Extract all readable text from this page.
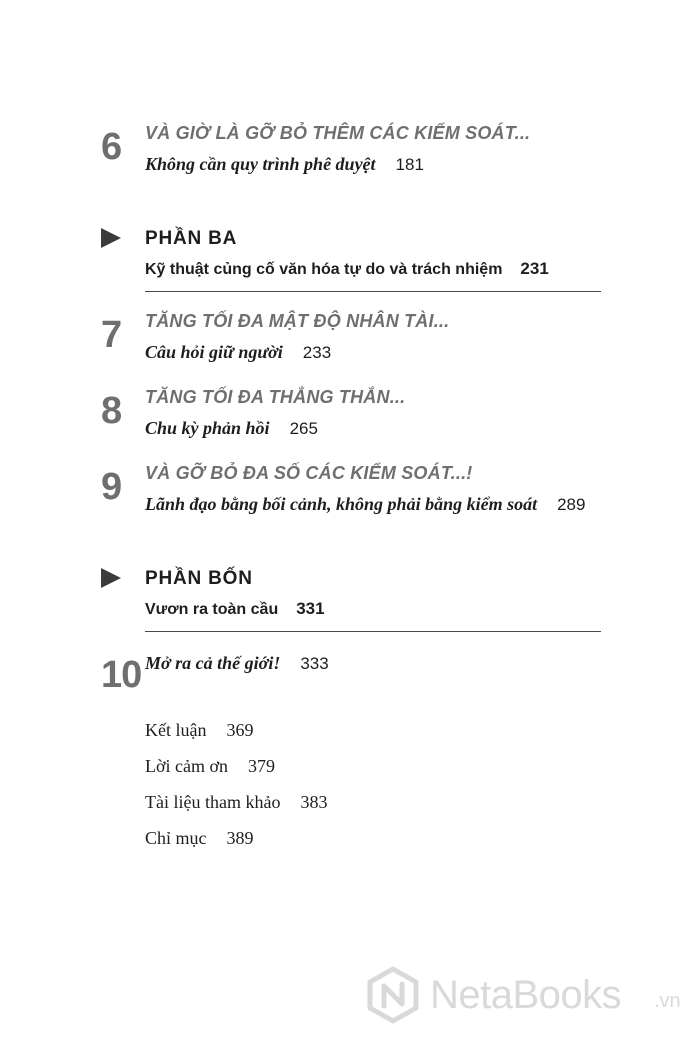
6 VÀ GIỜ LÀ GỠ BỎ THÊM CÁC KIỂM SOÁT...
Không cần quy trình phê duyệt 181
PHẦN BA
Kỹ thuật củng cố văn hóa tự do và trách nhiệm 231
7 TĂNG TỐI ĐA MẬT ĐỘ NHÂN TÀI...
Câu hỏi giữ người 233
8 TĂNG TỐI ĐA THẲNG THẮN...
Chu kỳ phản hồi 265
9 VÀ GỠ BỎ ĐA SỐ CÁC KIỂM SOÁT...!
Lãnh đạo bằng bối cảnh, không phải bằng kiểm soát 289
PHẦN BỐN
Vươn ra toàn cầu 331
10 Mở ra cả thế giới! 333
Kết luận 369
Lời cảm ơn 379
Tài liệu tham khảo 383
Chỉ mục 389
NetaBooks .vn
